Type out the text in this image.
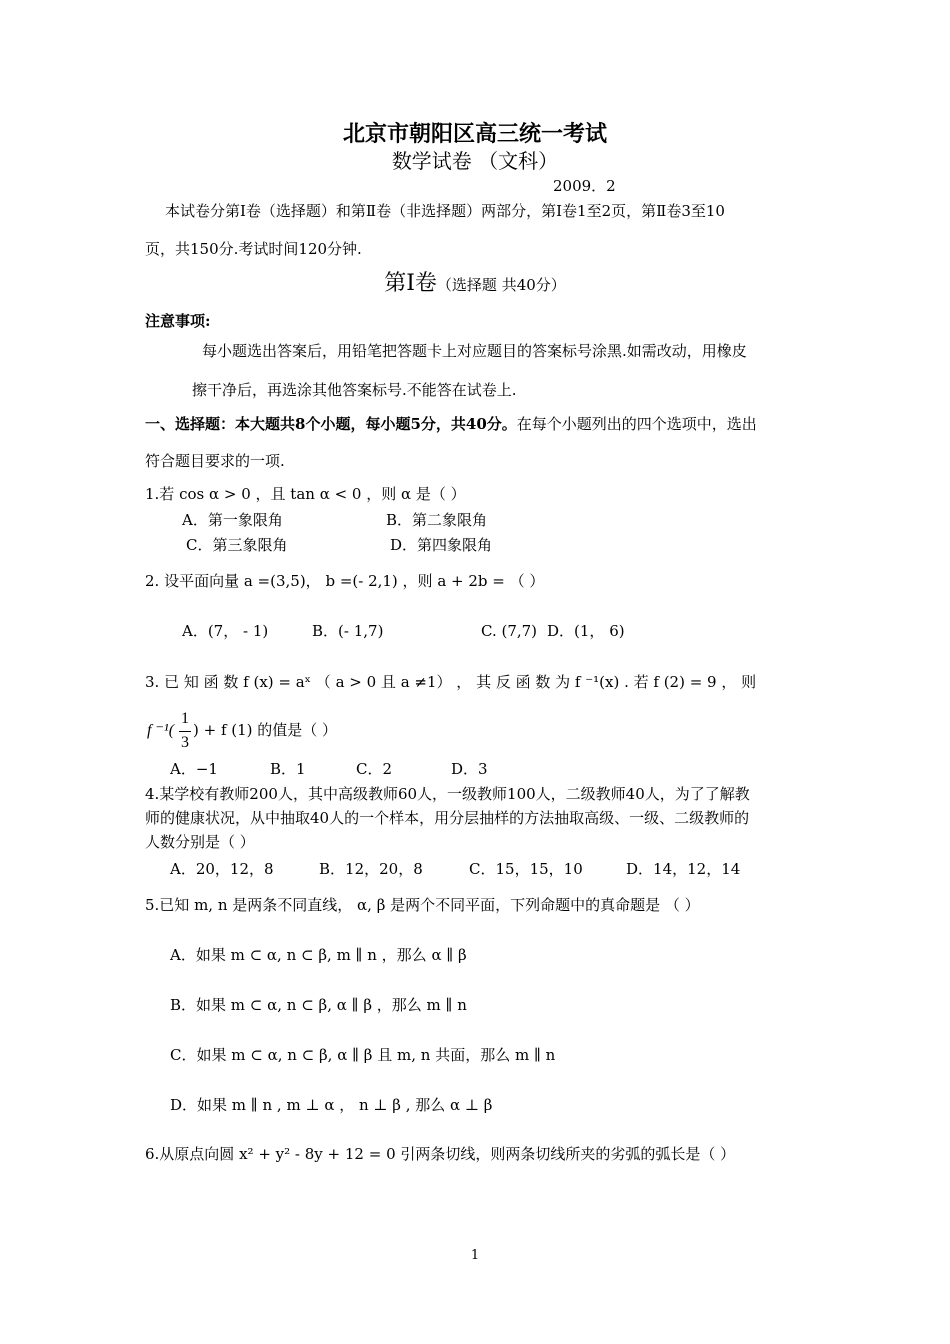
北京市朝阳区高三统一考试
数学试卷 （文科）
2009．2
本试卷分第Ⅰ卷（选择题）和第Ⅱ卷（非选择题）两部分，第Ⅰ卷1至2页，第Ⅱ卷3至10
页，共150分.考试时间120分钟.
第Ⅰ卷（选择题 共40分）
注意事项:
每小题选出答案后，用铅笔把答题卡上对应题目的答案标号涂黑.如需改动，用橡皮
擦干净后，再选涂其他答案标号.不能答在试卷上.
一、选择题：本大题共8个小题，每小题5分，共40分。在每个小题列出的四个选项中，选出
符合题目要求的一项.
1.若 cos α > 0 ，且 tan α < 0 ，则 α 是（ ）
A．第一象限角	B．第二象限角
C．第三象限角	D．第四象限角
2. 设平面向量 a =(3,5)， b =(- 2,1) ，则 a + 2b = （ ）
A．(7， - 1)	B．(- 1,7)	C. (7,7) D．(1， 6)
3. 已 知 函 数 f (x) = aˣ （ a > 0 且 a ≠1） ， 其 反 函 数 为 f ⁻¹(x) . 若 f (2) = 9 ， 则
f ⁻¹(
1
3
) + f (1) 的值是（ ）
A．−1	B．1	C．2	D．3
4.某学校有教师200人，其中高级教师60人，一级教师100人，二级教师40人，为了了解教
师的健康状况，从中抽取40人的一个样本，用分层抽样的方法抽取高级、一级、二级教师的
人数分别是（ ）
A．20，12，8	B．12，20，8	C．15，15，10	D．14，12，14
5.已知 m, n 是两条不同直线， α, β 是两个不同平面，下列命题中的真命题是 （ ）
A．如果 m ⊂ α, n ⊂ β, m ∥ n ，那么 α ∥ β
B．如果 m ⊂ α, n ⊂ β, α ∥ β ，那么 m ∥ n
C．如果 m ⊂ α, n ⊂ β, α ∥ β 且 m, n 共面，那么 m ∥ n
D．如果 m ∥ n , m ⊥ α ， n ⊥ β , 那么 α ⊥ β
6.从原点向圆 x² + y² - 8y + 12 = 0 引两条切线，则两条切线所夹的劣弧的弧长是（ ）
1
